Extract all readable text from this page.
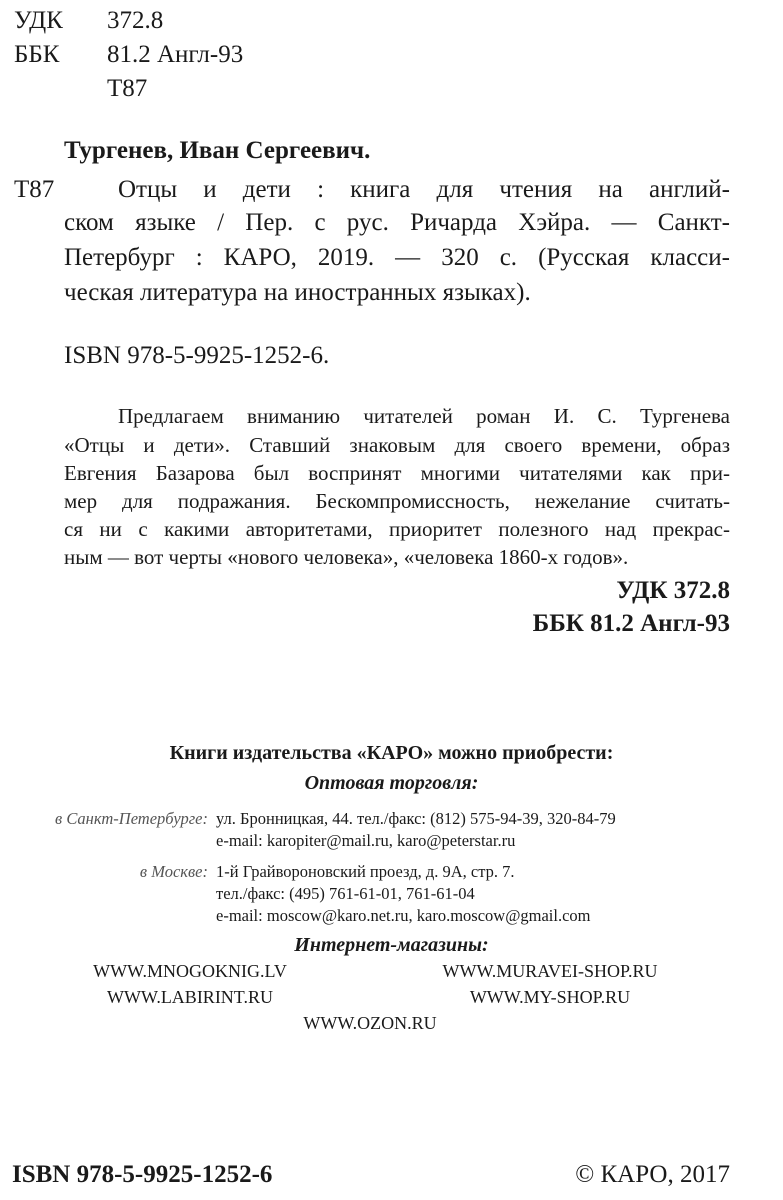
УДК 372.8
ББК 81.2 Англ-93
Т87
Тургенев, Иван Сергеевич.
Т87	Отцы и дети : книга для чтения на англий-
ском языке / Пер. с рус. Ричарда Хэйра. — Санкт-
Петербург : КАРО, 2019. — 320 с. (Русская класси-
ческая литература на иностранных языках).
ISBN 978-5-9925-1252-6.
Предлагаем вниманию читателей роман И. С. Тургенева
«Отцы и дети». Ставший знаковым для своего времени, образ
Евгения Базарова был воспринят многими читателями как при-
мер для подражания. Бескомпромиссность, нежелание считать-
ся ни с какими авторитетами, приоритет полезного над прекрас-
ным — вот черты «нового человека», «человека 1860-х годов».
УДК 372.8
ББК 81.2 Англ-93
Книги издательства «КАРО» можно приобрести:
Оптовая торговля:
в Санкт-Петербурге: ул. Бронницкая, 44. тел./факс: (812) 575-94-39, 320-84-79
e-mail: karopiter@mail.ru, karo@peterstar.ru
в Москве: 1-й Грайвороновский проезд, д. 9А, стр. 7.
тел./факс: (495) 761-61-01, 761-61-04
e-mail: moscow@karo.net.ru, karo.moscow@gmail.com
Интернет-магазины:
WWW.MNOGOKNIG.LV	WWW.MURAVEI-SHOP.RU
WWW.LABIRINT.RU	WWW.MY-SHOP.RU
WWW.OZON.RU
ISBN 978-5-9925-1252-6	© КАРО, 2017
